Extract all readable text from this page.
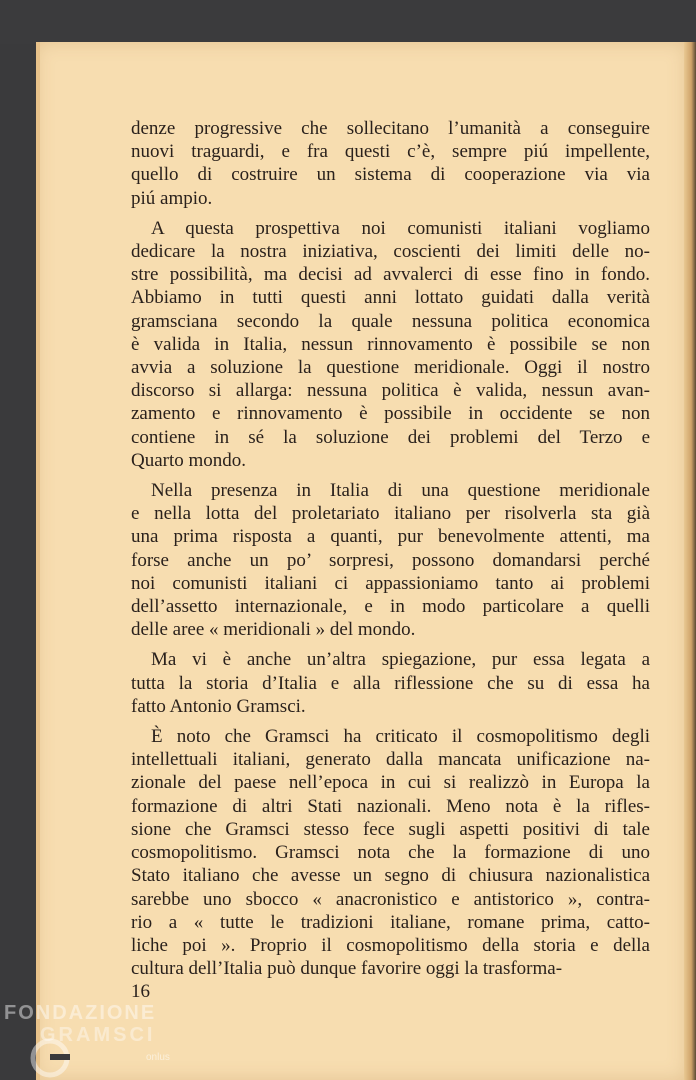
denze progressive che sollecitano l’umanità a conseguire
nuovi traguardi, e fra questi c’è, sempre piú impellente,
quello di costruire un sistema di cooperazione via via
piú ampio.
A questa prospettiva noi comunisti italiani vogliamo
dedicare la nostra iniziativa, coscienti dei limiti delle no-
stre possibilità, ma decisi ad avvalerci di esse fino in fondo.
Abbiamo in tutti questi anni lottato guidati dalla verità
gramsciana secondo la quale nessuna politica economica
è valida in Italia, nessun rinnovamento è possibile se non
avvia a soluzione la questione meridionale. Oggi il nostro
discorso si allarga: nessuna politica è valida, nessun avan-
zamento e rinnovamento è possibile in occidente se non
contiene in sé la soluzione dei problemi del Terzo e
Quarto mondo.
Nella presenza in Italia di una questione meridionale
e nella lotta del proletariato italiano per risolverla sta già
una prima risposta a quanti, pur benevolmente attenti, ma
forse anche un po’ sorpresi, possono domandarsi perché
noi comunisti italiani ci appassioniamo tanto ai problemi
dell’assetto internazionale, e in modo particolare a quelli
delle aree « meridionali » del mondo.
Ma vi è anche un’altra spiegazione, pur essa legata a
tutta la storia d’Italia e alla riflessione che su di essa ha
fatto Antonio Gramsci.
È noto che Gramsci ha criticato il cosmopolitismo degli
intellettuali italiani, generato dalla mancata unificazione na-
zionale del paese nell’epoca in cui si realizzò in Europa la
formazione di altri Stati nazionali. Meno nota è la rifles-
sione che Gramsci stesso fece sugli aspetti positivi di tale
cosmopolitismo. Gramsci nota che la formazione di uno
Stato italiano che avesse un segno di chiusura nazionalistica
sarebbe uno sbocco « anacronistico e antistorico », contra-
rio a « tutte le tradizioni italiane, romane prima, catto-
liche poi ». Proprio il cosmopolitismo della storia e della
cultura dell’Italia può dunque favorire oggi la trasforma-
16
FONDAZIONE
GRAMSCI
onlus
